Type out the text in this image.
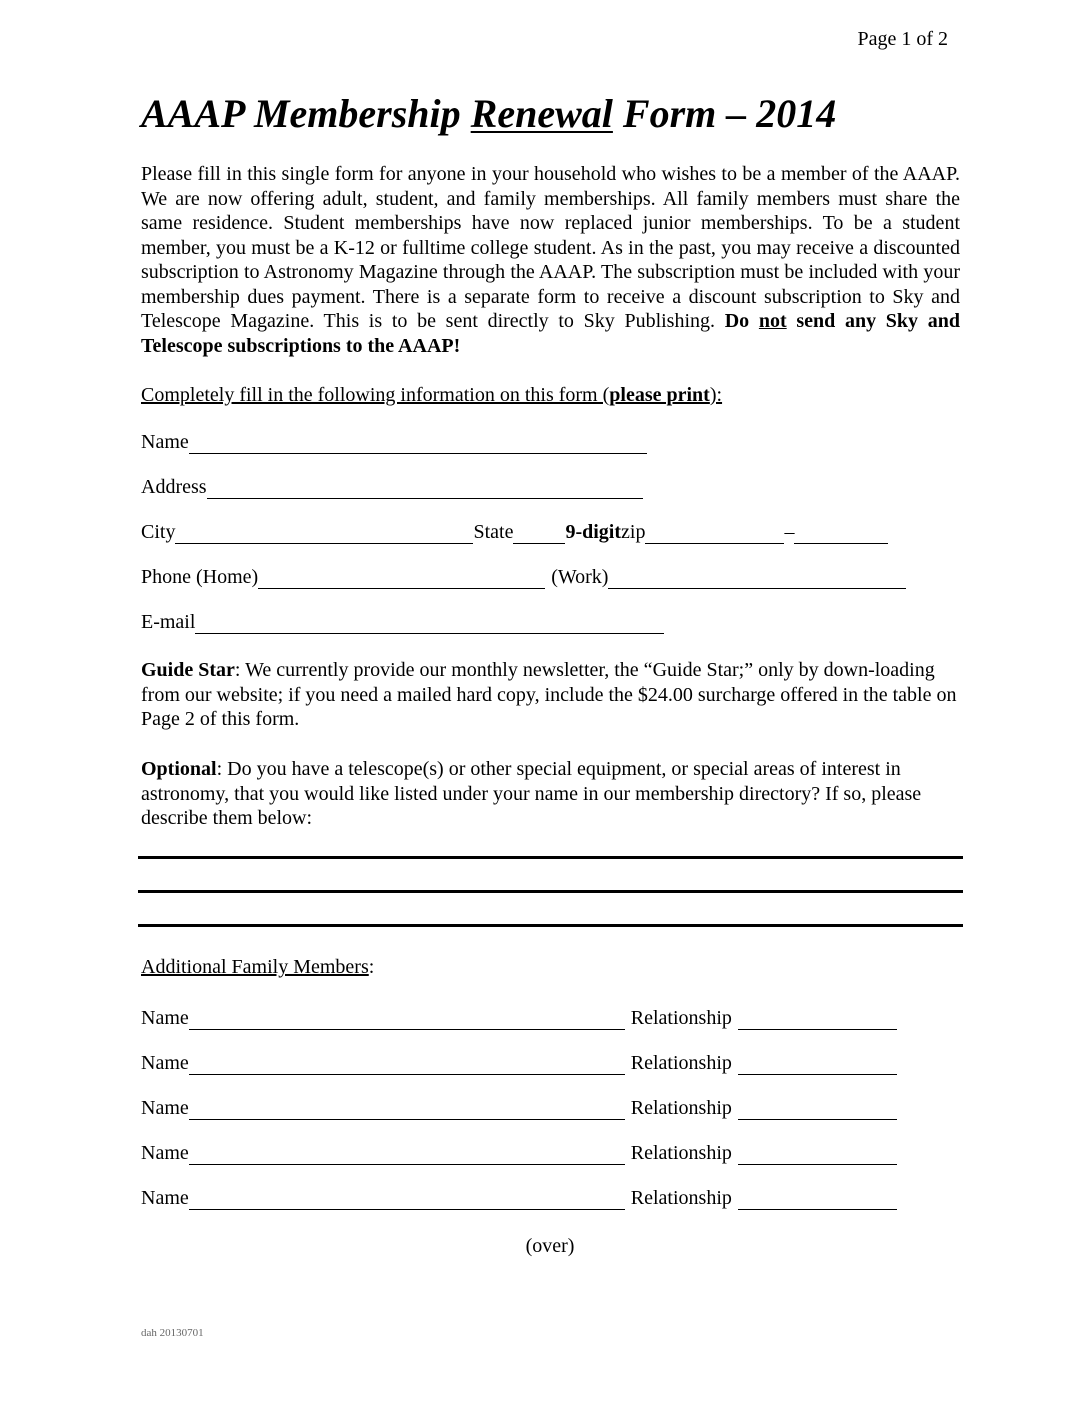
Page 1 of 2
AAAP Membership Renewal Form – 2014
Please fill in this single form for anyone in your household who wishes to be a member of the AAAP. We are now offering adult, student, and family memberships. All family members must share the same residence. Student memberships have now replaced junior memberships. To be a student member, you must be a K-12 or fulltime college student. As in the past, you may receive a discounted subscription to Astronomy Magazine through the AAAP. The subscription must be included with your membership dues payment. There is a separate form to receive a discount subscription to Sky and Telescope Magazine. This is to be sent directly to Sky Publishing. Do not send any Sky and Telescope subscriptions to the AAAP!
Completely fill in the following information on this form (please print):
Name
Address
City	State	9-digit zip	–
Phone (Home)	(Work)
E-mail
Guide Star: We currently provide our monthly newsletter, the “Guide Star;” only by down-loading from our website; if you need a mailed hard copy, include the $24.00 surcharge offered in the table on Page 2 of this form.
Optional: Do you have a telescope(s) or other special equipment, or special areas of interest in astronomy, that you would like listed under your name in our membership directory? If so, please describe them below:
Additional Family Members:
Name	Relationship
Name	Relationship
Name	Relationship
Name	Relationship
Name	Relationship
(over)
dah 20130701
